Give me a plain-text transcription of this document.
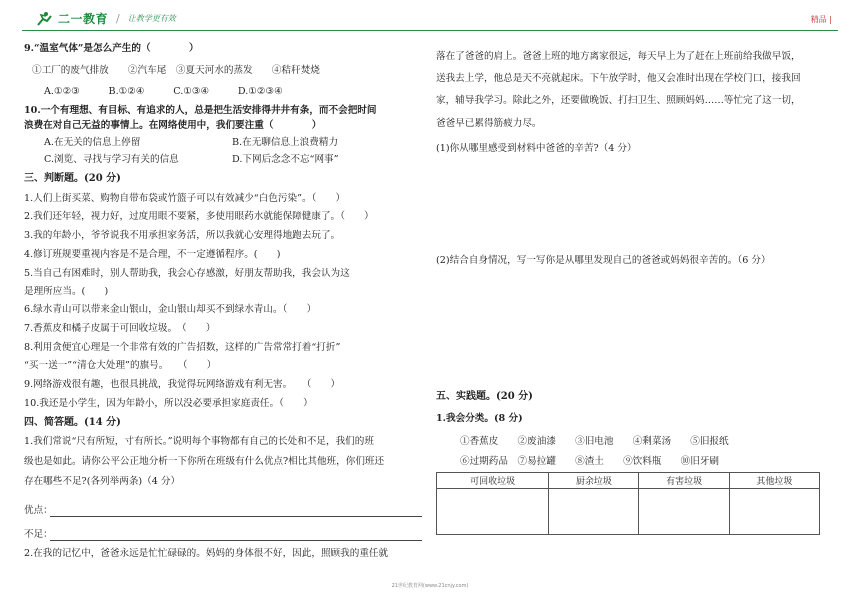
二一教育 / 让教学更有效	精品 |
9.“温室气体”是怎么产生的（　　　　）
①工厂的废气排放　　②汽车尾　③夏天河水的蒸发　　④秸秆焚烧
A.①②③　　　B.①②④　　　C.①③④　　　D.①②③④
10.一个有理想、有目标、有追求的人，总是把生活安排得井井有条，而不会把时间
浪费在对自己无益的事情上。在网络使用中，我们要注重（　　　　）
A.在无关的信息上停留	B.在无聊信息上浪费精力
C.浏览、寻找与学习有关的信息	D.下网后念念不忘“网事”
三、判断题。(20 分)
1.人们上街买菜、购物自带布袋或竹篮子可以有效减少“白色污染”。（　　）
2.我们还年轻，视力好，过度用眼不要紧，多使用眼药水就能保障健康了。（　　）
3.我的年龄小，爷爷说我不用承担家务活，所以我就心安理得地跑去玩了。
4.修订班规要重视内容是不是合理，不一定遵循程序。(　　)
5.当自己有困难时，别人帮助我，我会心存感激，好朋友帮助我，我会认为这
是理所应当。(　　)
6.绿水青山可以带来金山银山，金山银山却买不到绿水青山。（　　）
7.香蕉皮和橘子皮属于可回收垃圾。　（　　）
8.利用贪便宜心理是一个非常有效的广告招数，这样的广告常常打着“打折”
“买一送一”“清仓大处理”的旗号。　　（　　）
9.网络游戏很有趣，也很具挑战，我觉得玩网络游戏有利无害。　　（　　）
10.我还是小学生，因为年龄小，所以没必要承担家庭责任。（　　）
四、简答题。(14 分)
1.我们常说“尺有所短，寸有所长。”说明每个事物都有自己的长处和不足，我们的班
级也是如此。请你公平公正地分析一下你所在班级有什么优点?相比其他班，你们班还
存在哪些不足?(各列举两条)（4 分）
优点：
不足：
2.在我的记忆中，爸爸永远是忙忙碌碌的。妈妈的身体很不好，因此，照顾我的重任就
落在了爸爸的肩上。爸爸上班的地方离家很远，每天早上为了赶在上班前给我做早饭，
送我去上学，他总是天不亮就起床。下午放学时，他又会准时出现在学校门口，接我回
家，辅导我学习。除此之外，还要做晚饭、打扫卫生、照顾妈妈……等忙完了这一切，
爸爸早已累得筋疲力尽。
(1)你从哪里感受到材料中爸爸的辛苦?（4 分）
(2)结合自身情况，写一写你是从哪里发现自己的爸爸或妈妈很辛苦的。（6 分）
五、实践题。(20 分)
1.我会分类。(8 分)
①香蕉皮　　②废油漆　　③旧电池　　④剩菜汤　　⑤旧报纸
⑥过期药品　⑦易拉罐　　⑧渣土　　⑨饮料瓶　　⑩旧牙刷
可回收垃圾	厨余垃圾	有害垃圾	其他垃圾

21世纪教育网(www.21cnjy.com)
